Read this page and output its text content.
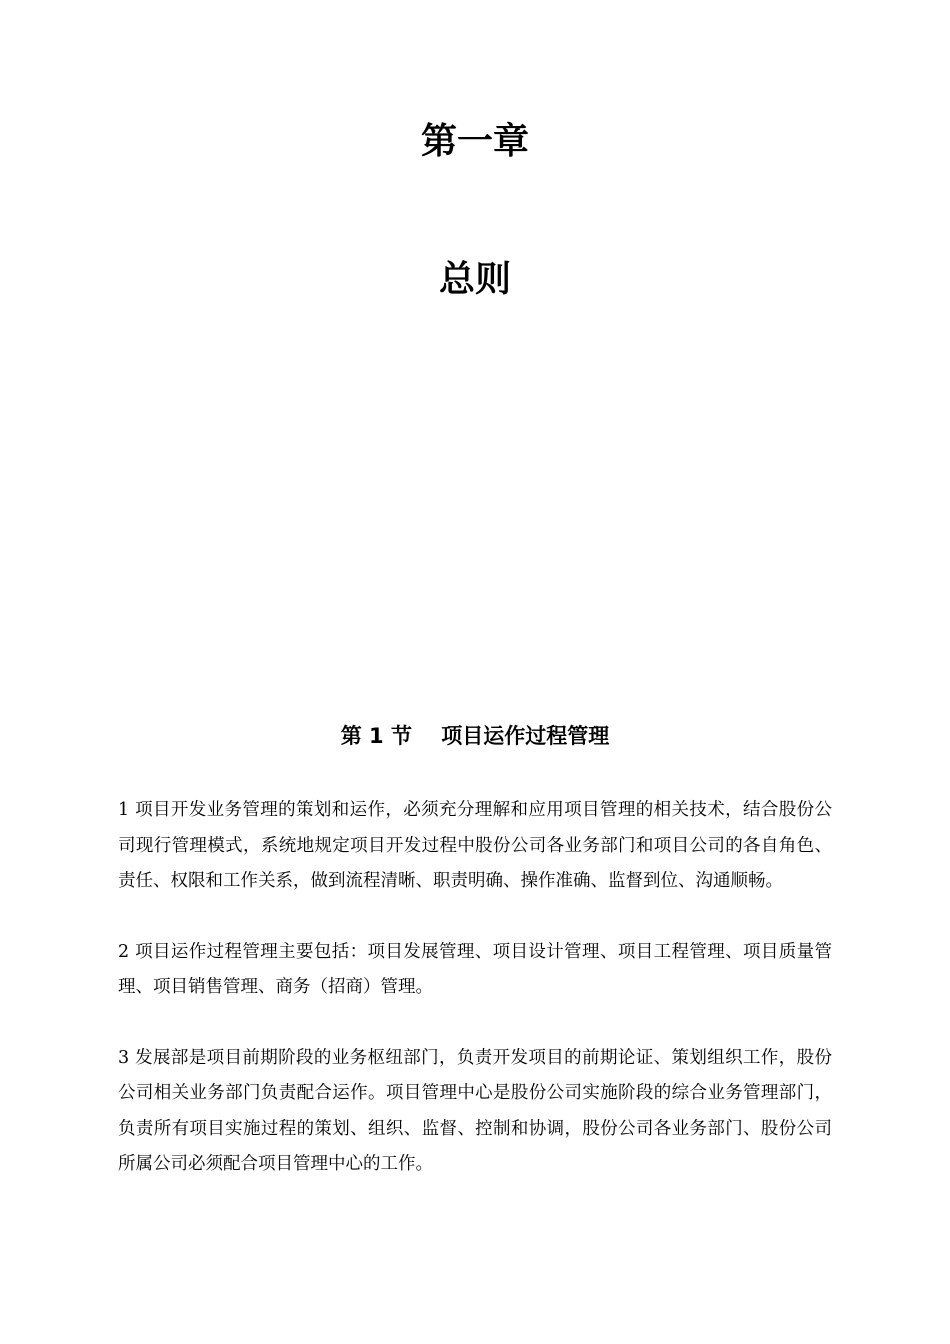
第一章
总则
第 1 节    项目运作过程管理

1 项目开发业务管理的策划和运作，必须充分理解和应用项目管理的相关技术，结合股份公司现行管理模式，系统地规定项目开发过程中股份公司各业务部门和项目公司的各自角色、责任、权限和工作关系，做到流程清晰、职责明确、操作准确、监督到位、沟通顺畅。

2 项目运作过程管理主要包括：项目发展管理、项目设计管理、项目工程管理、项目质量管理、项目销售管理、商务（招商）管理。

3 发展部是项目前期阶段的业务枢纽部门，负责开发项目的前期论证、策划组织工作，股份公司相关业务部门负责配合运作。项目管理中心是股份公司实施阶段的综合业务管理部门，负责所有项目实施过程的策划、组织、监督、控制和协调，股份公司各业务部门、股份公司所属公司必须配合项目管理中心的工作。
